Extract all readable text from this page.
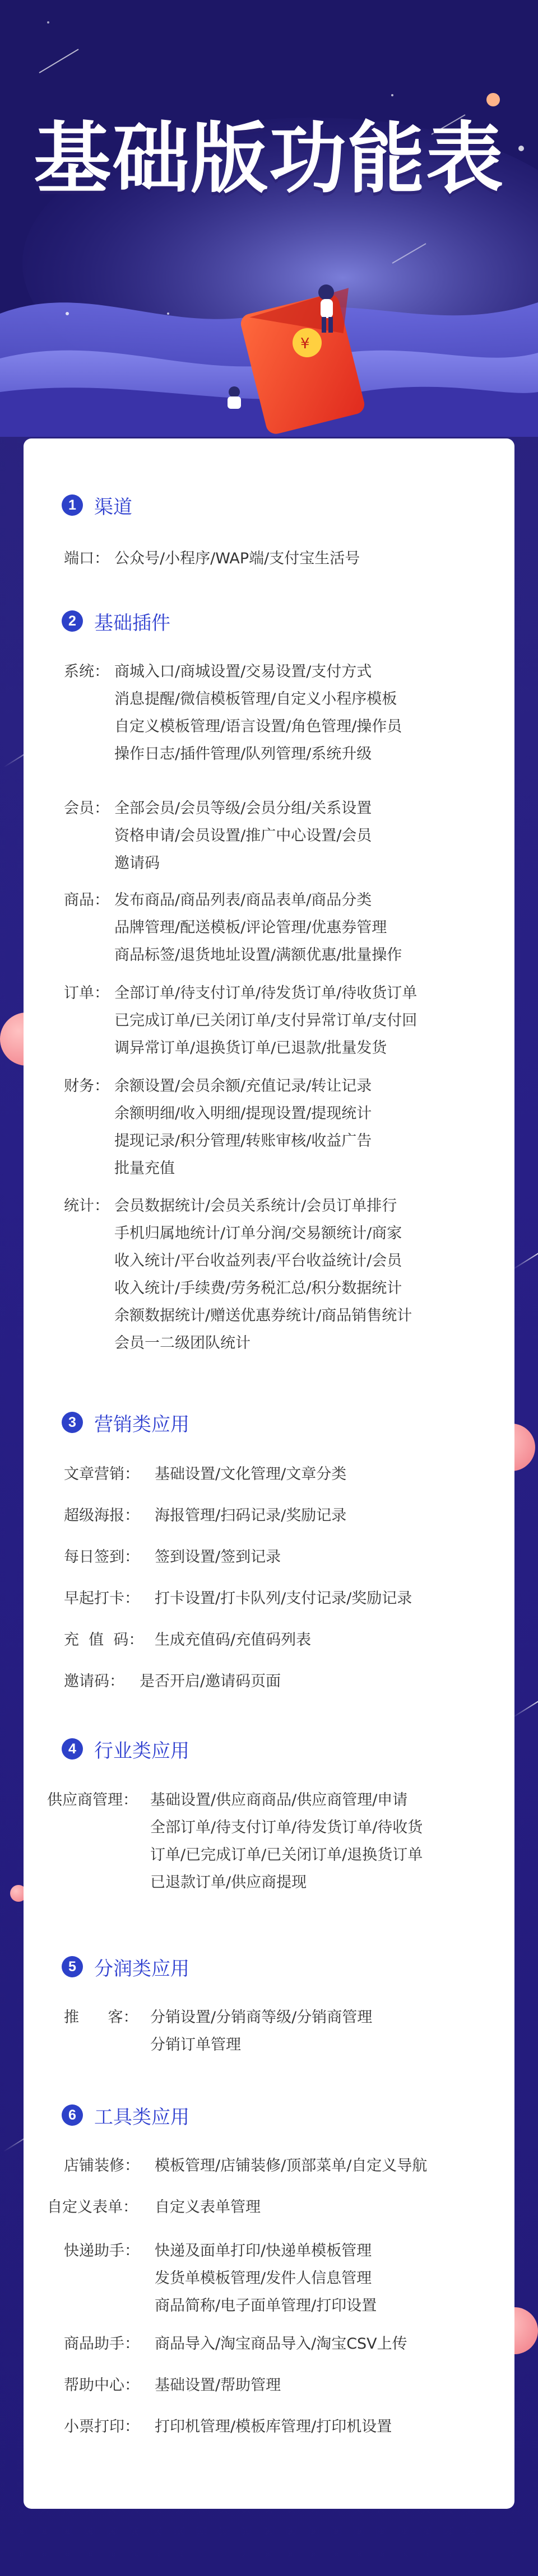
¥
基础版功能表
1 渠道
端口： 公众号/小程序/WAP端/支付宝生活号
2 基础插件
系统： 商城入口/商城设置/交易设置/支付方式
消息提醒/微信模板管理/自定义小程序模板
自定义模板管理/语言设置/角色管理/操作员
操作日志/插件管理/队列管理/系统升级
会员： 全部会员/会员等级/会员分组/关系设置
资格申请/会员设置/推广中心设置/会员
邀请码
商品： 发布商品/商品列表/商品表单/商品分类
品牌管理/配送模板/评论管理/优惠券管理
商品标签/退货地址设置/满额优惠/批量操作
订单： 全部订单/待支付订单/待发货订单/待收货订单
已完成订单/已关闭订单/支付异常订单/支付回
调异常订单/退换货订单/已退款/批量发货
财务： 余额设置/会员余额/充值记录/转让记录
余额明细/收入明细/提现设置/提现统计
提现记录/积分管理/转账审核/收益广告
批量充值
统计： 会员数据统计/会员关系统计/会员订单排行
手机归属地统计/订单分润/交易额统计/商家
收入统计/平台收益列表/平台收益统计/会员
收入统计/手续费/劳务税汇总/积分数据统计
余额数据统计/赠送优惠券统计/商品销售统计
会员一二级团队统计
3 营销类应用
文章营销： 基础设置/文化管理/文章分类
超级海报： 海报管理/扫码记录/奖励记录
每日签到： 签到设置/签到记录
早起打卡： 打卡设置/打卡队列/支付记录/奖励记录
充  值  码： 生成充值码/充值码列表
邀请码： 是否开启/邀请码页面
4 行业类应用
供应商管理： 基础设置/供应商商品/供应商管理/申请
全部订单/待支付订单/待发货订单/待收货
订单/已完成订单/已关闭订单/退换货订单
已退款订单/供应商提现
5 分润类应用
推      客： 分销设置/分销商等级/分销商管理
分销订单管理
6 工具类应用
店铺装修： 模板管理/店铺装修/顶部菜单/自定义导航
自定义表单： 自定义表单管理
快递助手： 快递及面单打印/快递单模板管理
发货单模板管理/发件人信息管理
商品简称/电子面单管理/打印设置
商品助手： 商品导入/淘宝商品导入/淘宝CSV上传
帮助中心： 基础设置/帮助管理
小票打印： 打印机管理/模板库管理/打印机设置
